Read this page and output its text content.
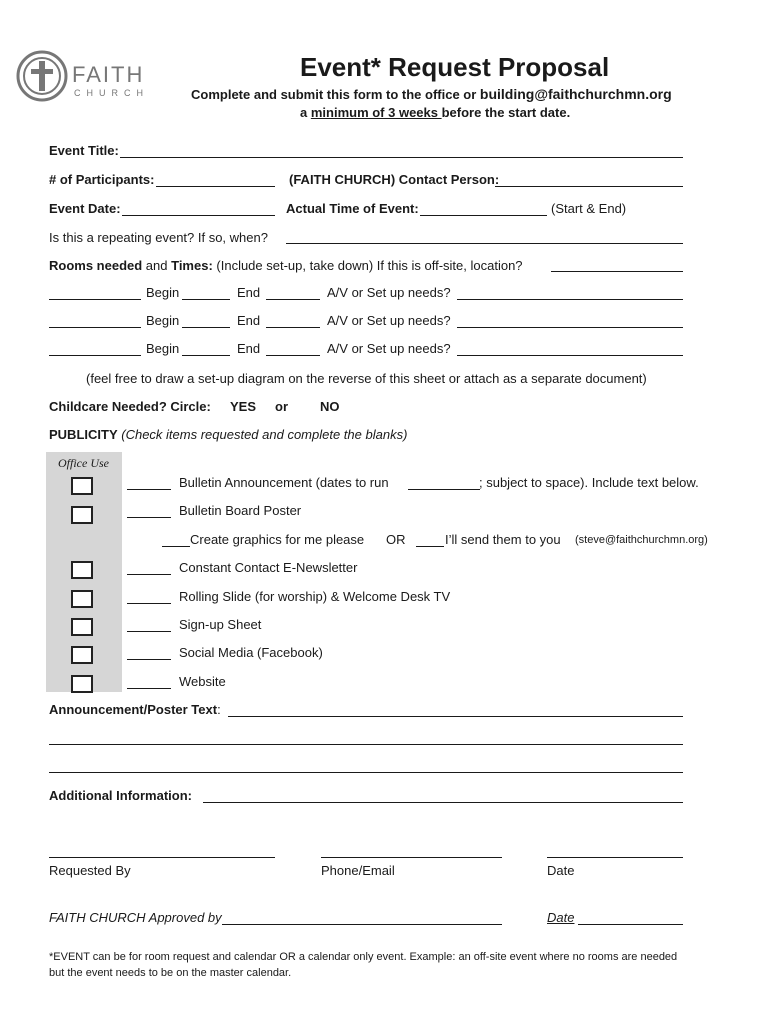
FAITH
CHURCH
Event* Request Proposal
Complete and submit this form to the office or building@faithchurchmn.org
a minimum of 3 weeks before the start date.
Event Title:
# of Participants:	(FAITH CHURCH) Contact Person:
Event Date:	Actual Time of Event:	(Start & End)
Is this a repeating event? If so, when?
Rooms needed and Times: (Include set-up, take down) If this is off-site, location?
Begin	End	A/V or Set up needs?
Begin	End	A/V or Set up needs?
Begin	End	A/V or Set up needs?
(feel free to draw a set-up diagram on the reverse of this sheet or attach as a separate document)
Childcare Needed? Circle: YES or NO
PUBLICITY (Check items requested and complete the blanks)
Office Use
Bulletin Announcement (dates to run	; subject to space). Include text below.
Bulletin Board Poster
Create graphics for me please OR	I’ll send them to you (steve@faithchurchmn.org)
Constant Contact E-Newsletter
Rolling Slide (for worship) & Welcome Desk TV
Sign-up Sheet
Social Media (Facebook)
Website
Announcement/Poster Text:
Additional Information:
Requested By	Phone/Email	Date
FAITH CHURCH Approved by	Date
*EVENT can be for room request and calendar OR a calendar only event. Example: an off-site event where no rooms are needed
but the event needs to be on the master calendar.
